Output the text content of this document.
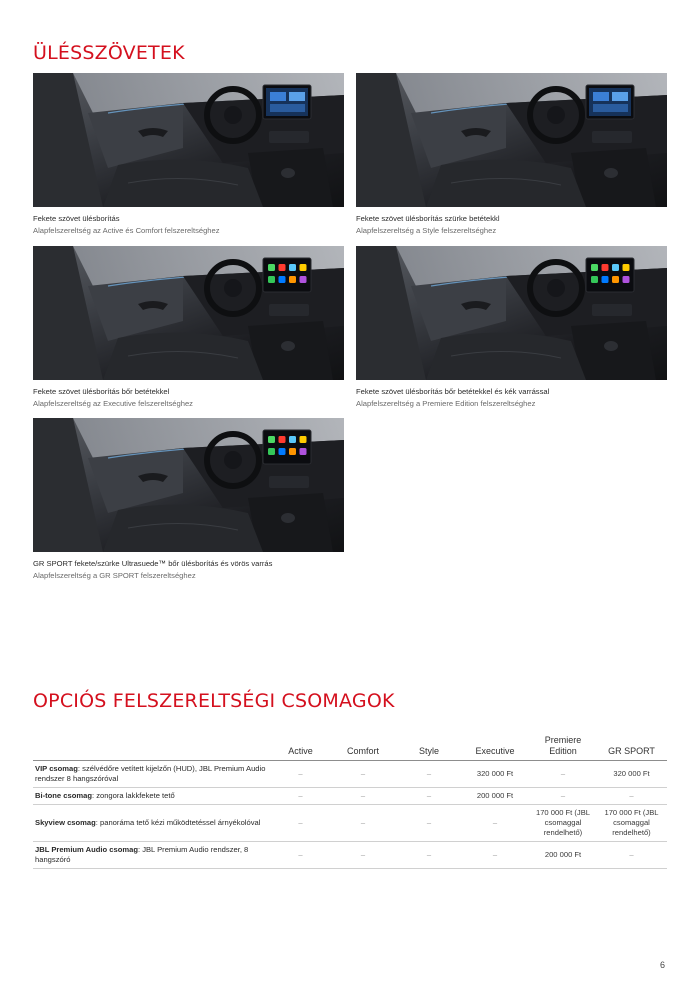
ÜLÉSSZÖVETEK
Fekete szövet ülésborítás
Alapfelszereltség az Active és Comfort felszereltséghez
Fekete szövet ülésborítás szürke betétekkl
Alapfelszereltség a Style felszereltséghez
Fekete szövet ülésborítás bőr betétekkel
Alapfelszereltség az Executive felszereltséghez
Fekete szövet ülésborítás bőr betétekkel és kék varrással
Alapfelszereltség a Premiere Edition felszereltséghez
GR SPORT fekete/szürke Ultrasuede™ bőr ülésborítás és vörös varrás
Alapfelszereltség a GR SPORT felszereltséghez
OPCIÓS FELSZERELTSÉGI CSOMAGOK
	Active	Comfort	Style	Executive	Premiere Edition	GR SPORT
VIP csomag: szélvédőre vetített kijelzőn (HUD), JBL Premium Audio rendszer 8 hangszóróval	–	–	–	320 000 Ft	–	320 000 Ft
Bi-tone csomag: zongora lakkfekete tető	–	–	–	200 000 Ft	–	–
Skyview csomag: panoráma tető kézi működtetéssel árnyékolóval	–	–	–	–	170 000 Ft (JBL csomaggal rendelhető)	170 000 Ft (JBL csomaggal rendelhető)
JBL Premium Audio csomag: JBL Premium Audio rendszer, 8 hangszóró	–	–	–	–	200 000 Ft	–
6
